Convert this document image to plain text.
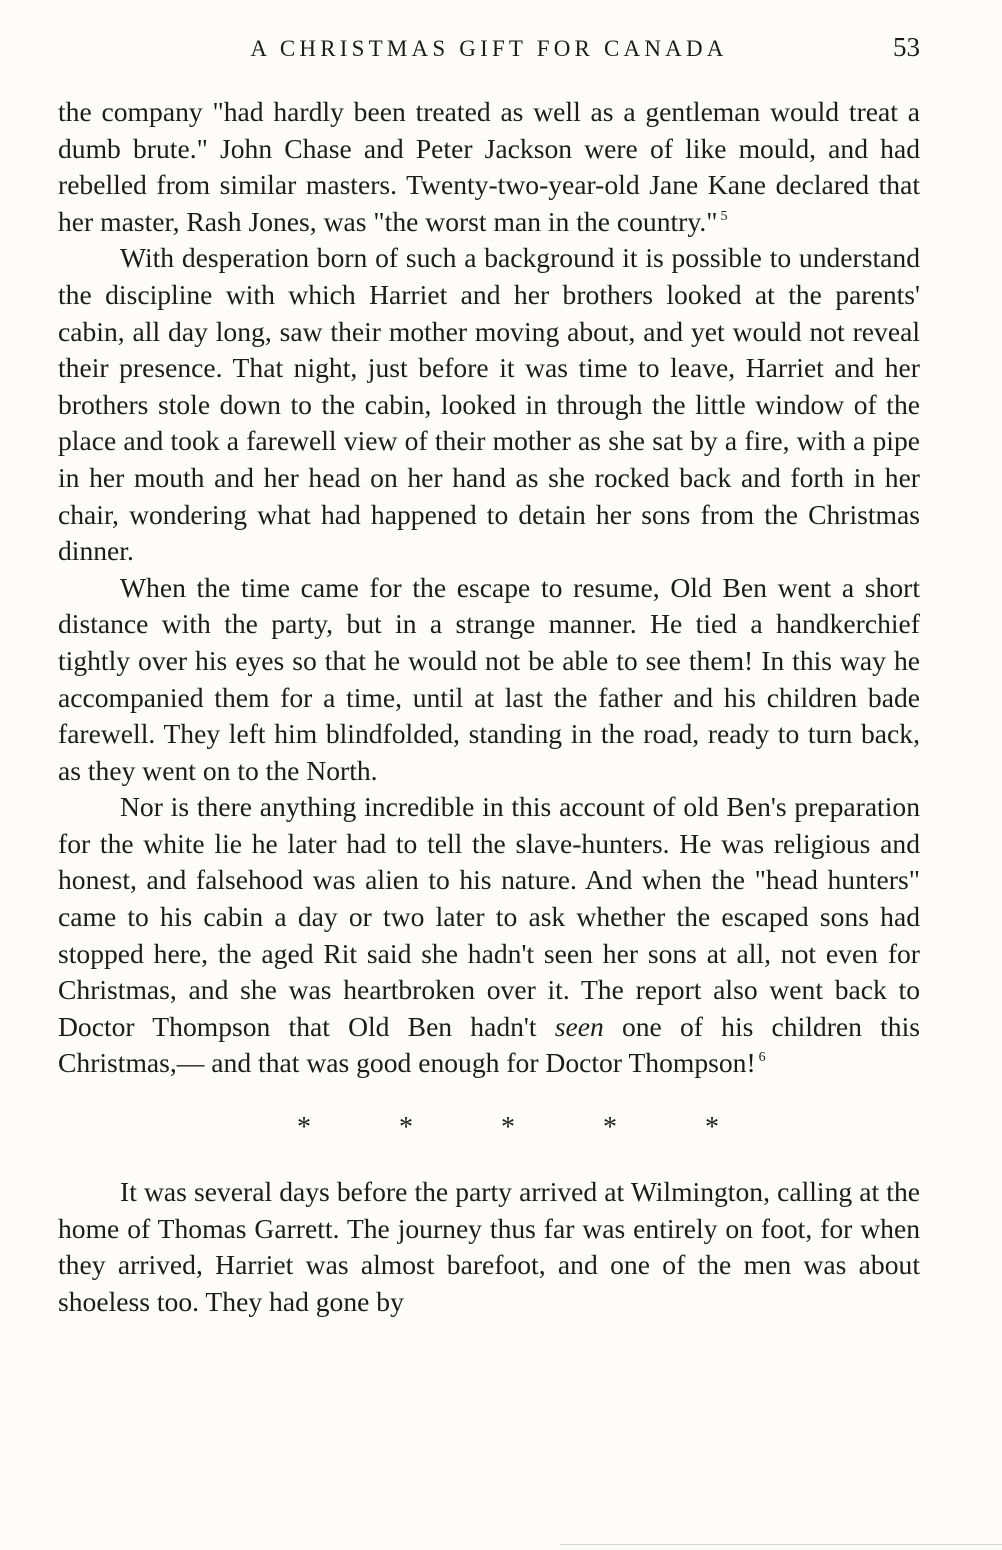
A CHRISTMAS GIFT FOR CANADA	53

the company "had hardly been treated as well as a gentleman would treat a dumb brute." John Chase and Peter Jackson were of like mould, and had rebelled from similar masters. Twenty-two-year-old Jane Kane declared that her master, Rash Jones, was "the worst man in the country." $^5$

With desperation born of such a background it is possible to understand the discipline with which Harriet and her brothers looked at the parents' cabin, all day long, saw their mother moving about, and yet would not reveal their presence. That night, just before it was time to leave, Harriet and her brothers stole down to the cabin, looked in through the little window of the place and took a farewell view of their mother as she sat by a fire, with a pipe in her mouth and her head on her hand as she rocked back and forth in her chair, wondering what had happened to detain her sons from the Christmas dinner.

When the time came for the escape to resume, Old Ben went a short distance with the party, but in a strange manner. He tied a handkerchief tightly over his eyes so that he would not be able to see them! In this way he accompanied them for a time, until at last the father and his children bade farewell. They left him blindfolded, standing in the road, ready to turn back, as they went on to the North.

Nor is there anything incredible in this account of old Ben's preparation for the white lie he later had to tell the slave-hunters. He was religious and honest, and falsehood was alien to his nature. And when the "head hunters" came to his cabin a day or two later to ask whether the escaped sons had stopped here, the aged Rit said she hadn't seen her sons at all, not even for Christmas, and she was heartbroken over it. The report also went back to Doctor Thompson that Old Ben hadn't seen one of his children this Christmas,— and that was good enough for Doctor Thompson! $^6$

*	*	*	*	*

It was several days before the party arrived at Wilmington, calling at the home of Thomas Garrett. The journey thus far was entirely on foot, for when they arrived, Harriet was almost barefoot, and one of the men was about shoeless too. They had gone by
